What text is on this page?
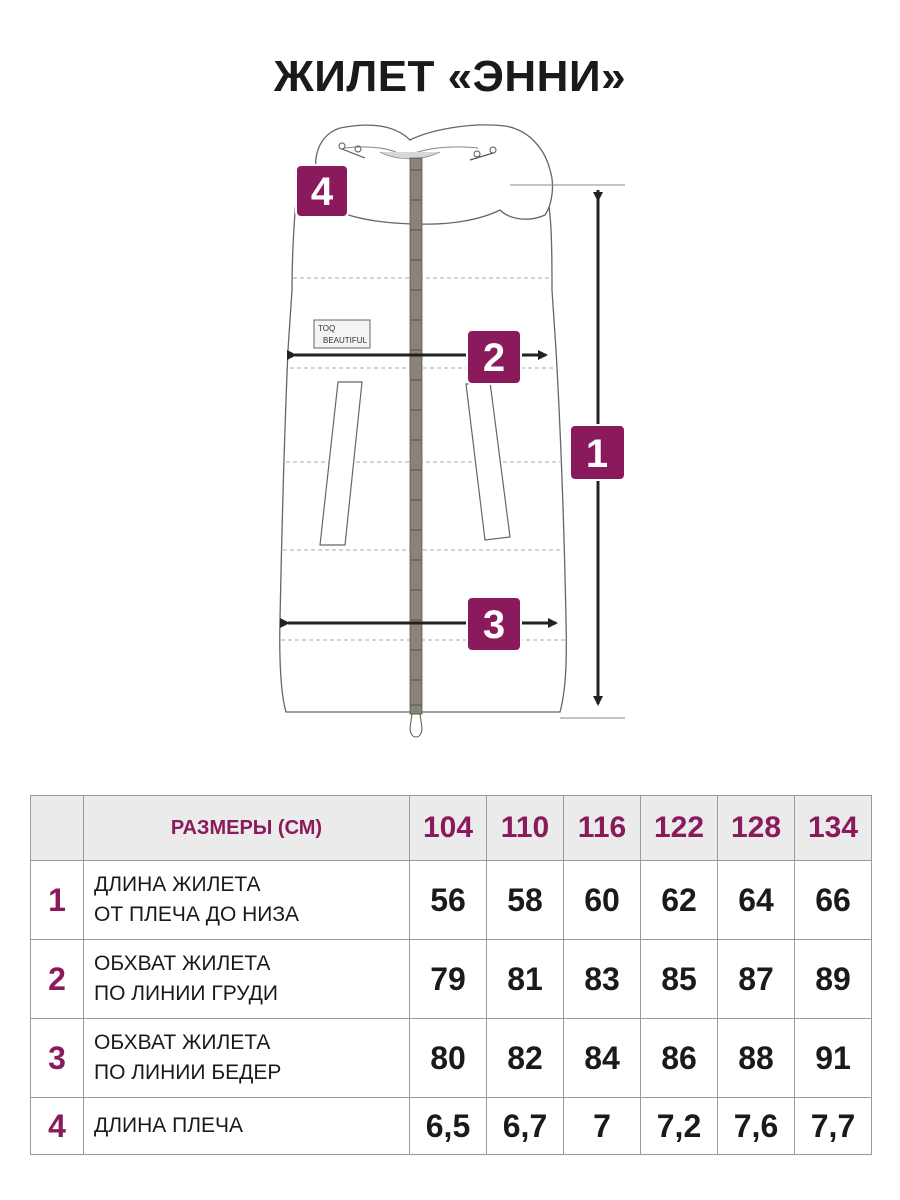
ЖИЛЕТ «ЭННИ»
TOQ
BEAUTIFUL
4
2
1
3
	РАЗМЕРЫ (СМ)	104	110	116	122	128	134
1	ДЛИНА ЖИЛЕТА
ОТ ПЛЕЧА ДО НИЗА	56	58	60	62	64	66
2	ОБХВАТ ЖИЛЕТА
ПО ЛИНИИ ГРУДИ	79	81	83	85	87	89
3	ОБХВАТ ЖИЛЕТА
ПО ЛИНИИ БЕДЕР	80	82	84	86	88	91
4	ДЛИНА ПЛЕЧА	6,5	6,7	7	7,2	7,6	7,7
